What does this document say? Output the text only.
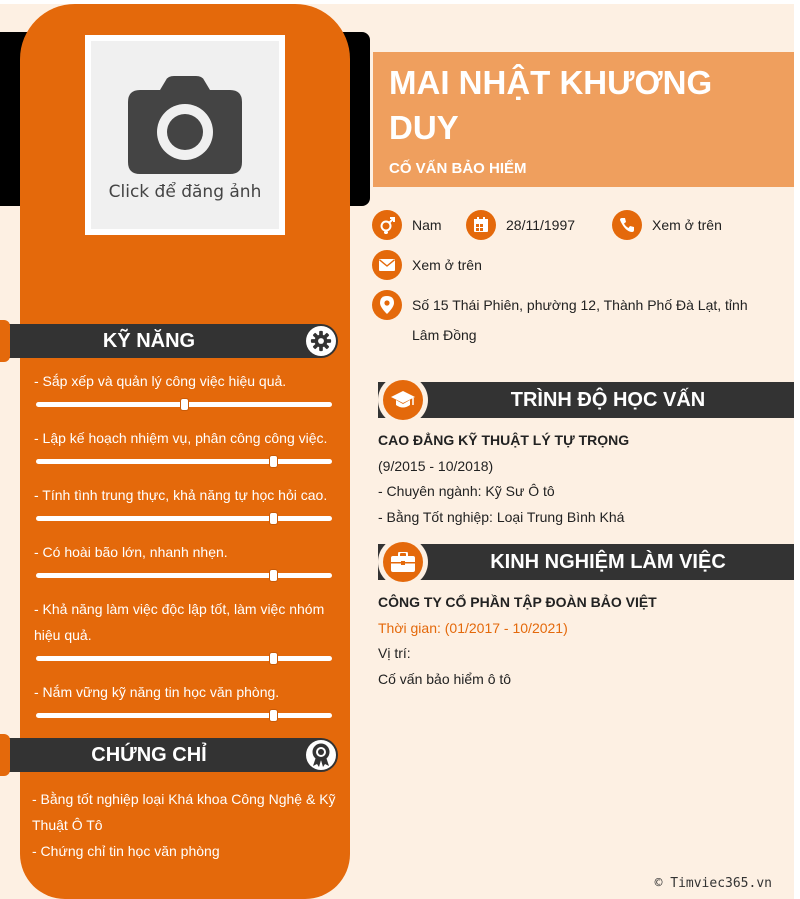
Click để đăng ảnh
KỸ NĂNG
- Sắp xếp và quản lý công việc hiệu quả.
- Lập kế hoạch nhiệm vụ, phân công công việc.
- Tính tình trung thực, khả năng tự học hỏi cao.
- Có hoài bão lớn, nhanh nhẹn.
- Khả năng làm việc độc lập tốt, làm việc nhóm hiệu quả.
- Nắm vững kỹ năng tin học văn phòng.
CHỨNG CHỈ
- Bằng tốt nghiệp loại Khá khoa Công Nghệ & Kỹ Thuật Ô Tô
- Chứng chỉ tin học văn phòng
MAI NHẬT KHƯƠNG
DUY
CỐ VẤN BẢO HIỂM
Nam	28/11/1997	Xem ở trên
Xem ở trên
Số 15 Thái Phiên, phường 12, Thành Phố Đà Lạt, tỉnh Lâm Đồng
TRÌNH ĐỘ HỌC VẤN
CAO ĐẲNG KỸ THUẬT LÝ TỰ TRỌNG
(9/2015 - 10/2018)
- Chuyên ngành: Kỹ Sư Ô tô
- Bằng Tốt nghiệp: Loại Trung Bình Khá
KINH NGHIỆM LÀM VIỆC
CÔNG TY CỔ PHẦN TẬP ĐOÀN BẢO VIỆT
Thời gian: (01/2017 - 10/2021)
Vị trí:
Cố vấn bảo hiểm ô tô
© Timviec365.vn
